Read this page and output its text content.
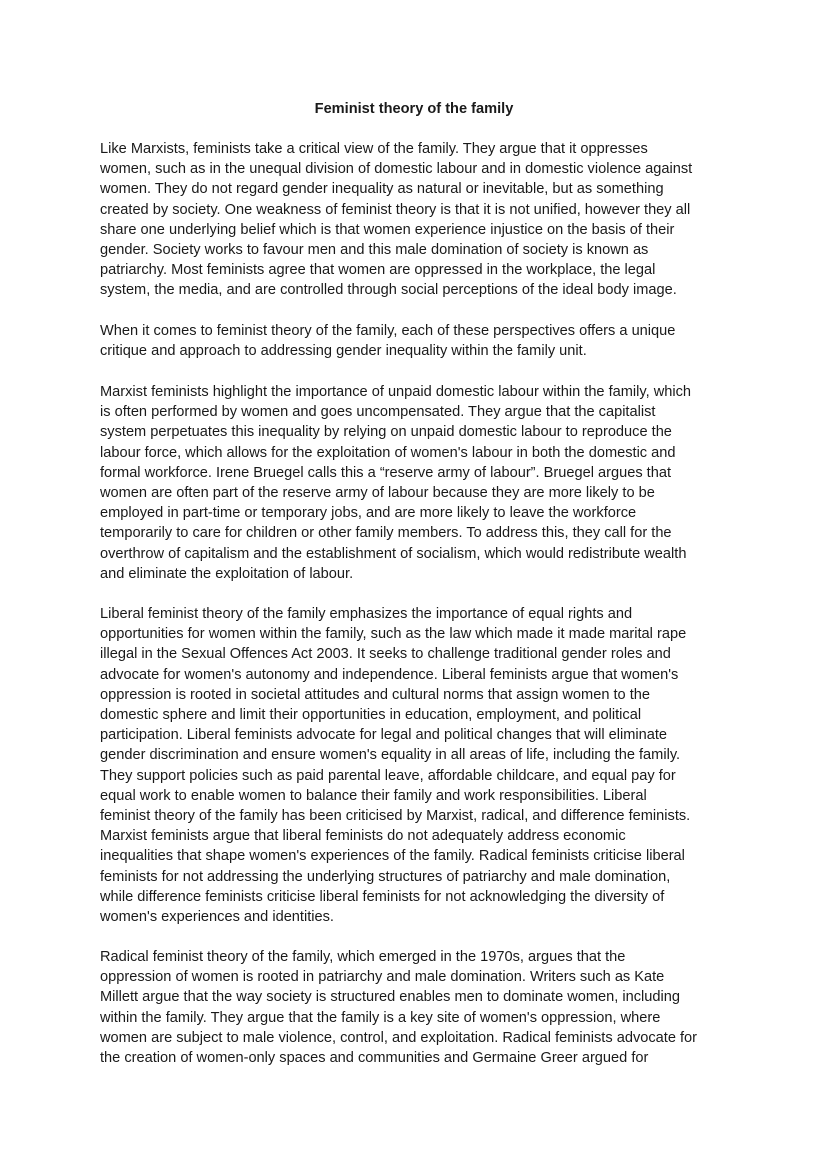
Feminist theory of the family
Like Marxists, feminists take a critical view of the family. They argue that it oppresses
women, such as in the unequal division of domestic labour and in domestic violence against
women. They do not regard gender inequality as natural or inevitable, but as something
created by society. One weakness of feminist theory is that it is not unified, however they all
share one underlying belief which is that women experience injustice on the basis of their
gender. Society works to favour men and this male domination of society is known as
patriarchy. Most feminists agree that women are oppressed in the workplace, the legal
system, the media, and are controlled through social perceptions of the ideal body image.
When it comes to feminist theory of the family, each of these perspectives offers a unique
critique and approach to addressing gender inequality within the family unit.
Marxist feminists highlight the importance of unpaid domestic labour within the family, which
is often performed by women and goes uncompensated. They argue that the capitalist
system perpetuates this inequality by relying on unpaid domestic labour to reproduce the
labour force, which allows for the exploitation of women's labour in both the domestic and
formal workforce. Irene Bruegel calls this a “reserve army of labour”. Bruegel argues that
women are often part of the reserve army of labour because they are more likely to be
employed in part-time or temporary jobs, and are more likely to leave the workforce
temporarily to care for children or other family members. To address this, they call for the
overthrow of capitalism and the establishment of socialism, which would redistribute wealth
and eliminate the exploitation of labour.
Liberal feminist theory of the family emphasizes the importance of equal rights and
opportunities for women within the family, such as the law which made it made marital rape
illegal in the Sexual Offences Act 2003. It seeks to challenge traditional gender roles and
advocate for women's autonomy and independence. Liberal feminists argue that women's
oppression is rooted in societal attitudes and cultural norms that assign women to the
domestic sphere and limit their opportunities in education, employment, and political
participation. Liberal feminists advocate for legal and political changes that will eliminate
gender discrimination and ensure women's equality in all areas of life, including the family.
They support policies such as paid parental leave, affordable childcare, and equal pay for
equal work to enable women to balance their family and work responsibilities. Liberal
feminist theory of the family has been criticised by Marxist, radical, and difference feminists.
Marxist feminists argue that liberal feminists do not adequately address economic
inequalities that shape women's experiences of the family. Radical feminists criticise liberal
feminists for not addressing the underlying structures of patriarchy and male domination,
while difference feminists criticise liberal feminists for not acknowledging the diversity of
women's experiences and identities.
Radical feminist theory of the family, which emerged in the 1970s, argues that the
oppression of women is rooted in patriarchy and male domination. Writers such as Kate
Millett argue that the way society is structured enables men to dominate women, including
within the family. They argue that the family is a key site of women's oppression, where
women are subject to male violence, control, and exploitation. Radical feminists advocate for
the creation of women-only spaces and communities and Germaine Greer argued for
